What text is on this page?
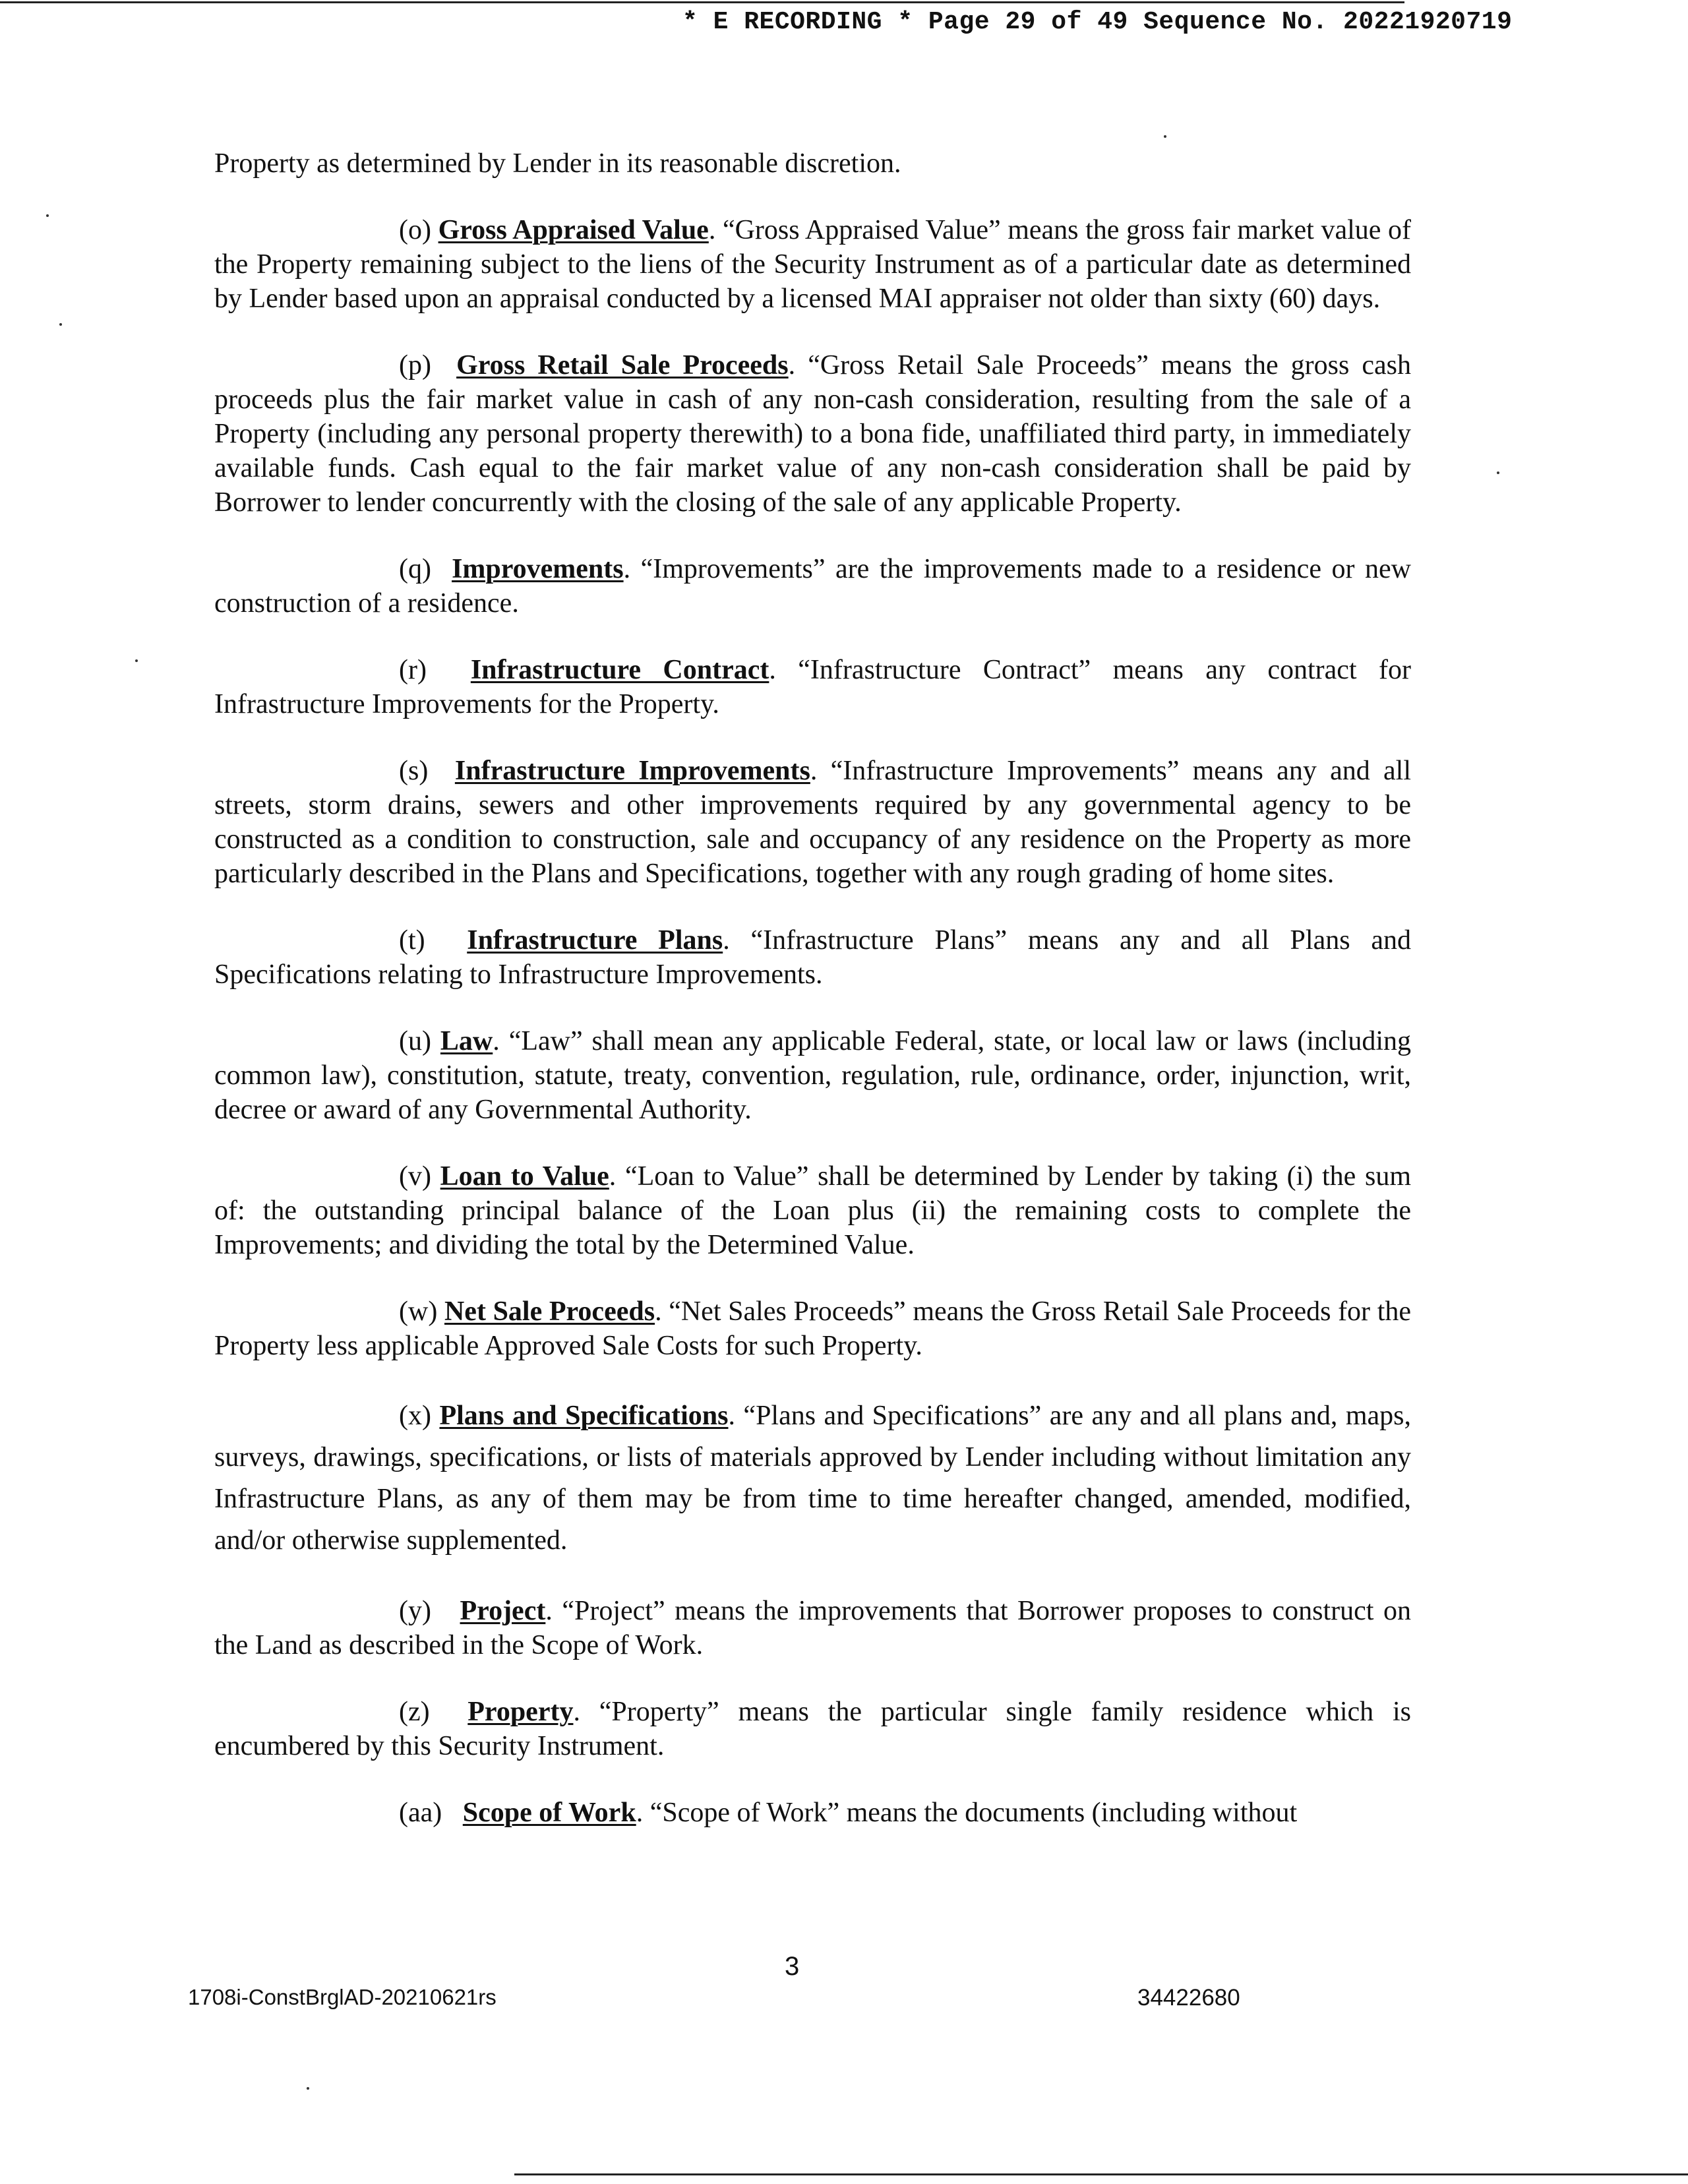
* E RECORDING * Page 29 of 49 Sequence No. 20221920719

Property as determined by Lender in its reasonable discretion.

(o) Gross Appraised Value. “Gross Appraised Value” means the gross fair market value of the Property remaining subject to the liens of the Security Instrument as of a particular date as determined by Lender based upon an appraisal conducted by a licensed MAI appraiser not older than sixty (60) days.

(p) Gross Retail Sale Proceeds. “Gross Retail Sale Proceeds” means the gross cash proceeds plus the fair market value in cash of any non-cash consideration, resulting from the sale of a Property (including any personal property therewith) to a bona fide, unaffiliated third party, in immediately available funds. Cash equal to the fair market value of any non-cash consideration shall be paid by Borrower to lender concurrently with the closing of the sale of any applicable Property.

(q) Improvements. “Improvements” are the improvements made to a residence or new construction of a residence.

(r) Infrastructure Contract. “Infrastructure Contract” means any contract for Infrastructure Improvements for the Property.

(s) Infrastructure Improvements. “Infrastructure Improvements” means any and all streets, storm drains, sewers and other improvements required by any governmental agency to be constructed as a condition to construction, sale and occupancy of any residence on the Property as more particularly described in the Plans and Specifications, together with any rough grading of home sites.

(t) Infrastructure Plans. “Infrastructure Plans” means any and all Plans and Specifications relating to Infrastructure Improvements.

(u) Law. “Law” shall mean any applicable Federal, state, or local law or laws (including common law), constitution, statute, treaty, convention, regulation, rule, ordinance, order, injunction, writ, decree or award of any Governmental Authority.

(v) Loan to Value. “Loan to Value” shall be determined by Lender by taking (i) the sum of: the outstanding principal balance of the Loan plus (ii) the remaining costs to complete the Improvements; and dividing the total by the Determined Value.

(w) Net Sale Proceeds. “Net Sales Proceeds” means the Gross Retail Sale Proceeds for the Property less applicable Approved Sale Costs for such Property.

(x) Plans and Specifications. “Plans and Specifications” are any and all plans and, maps, surveys, drawings, specifications, or lists of materials approved by Lender including without limitation any Infrastructure Plans, as any of them may be from time to time hereafter changed, amended, modified, and/or otherwise supplemented.

(y) Project. “Project” means the improvements that Borrower proposes to construct on the Land as described in the Scope of Work.

(z) Property. “Property” means the particular single family residence which is encumbered by this Security Instrument.

(aa) Scope of Work. “Scope of Work” means the documents (including without

3
1708i-ConstBrglAD-20210621rs	34422680
